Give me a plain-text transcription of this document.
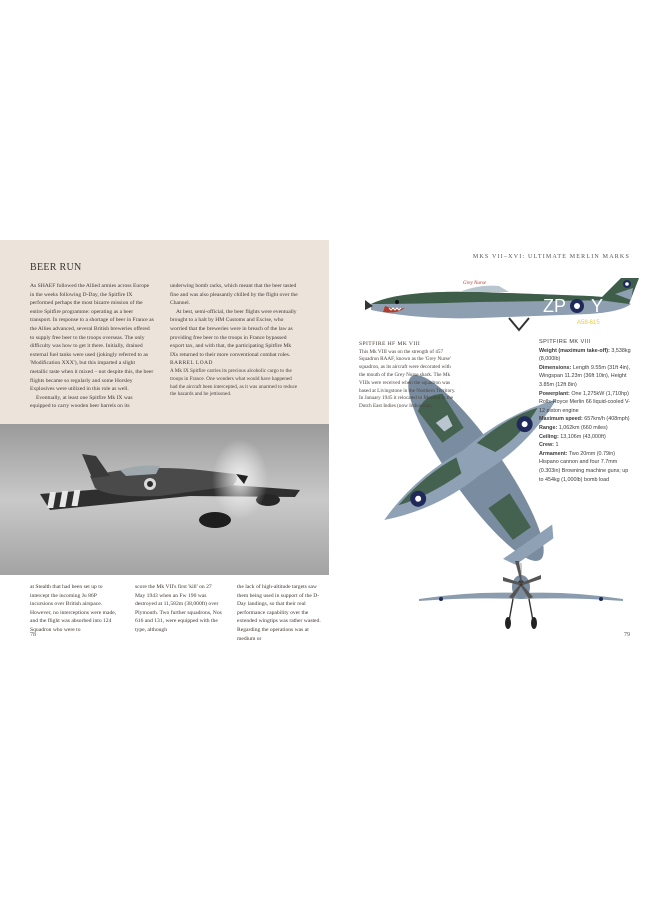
BEER RUN

As SHAEF followed the Allied armies across Europe in the weeks following D-Day, the Spitfire IX performed perhaps the most bizarre mission of the entire Spitfire programme: operating as a beer transport. In response to a shortage of beer in France as the Allies advanced, several British breweries offered to supply free beer to the troops overseas. The only difficulty was how to get it there. Initially, drained external fuel tanks were used (jokingly referred to as 'Modification XXX'), but this imparted a slight metallic taste when it mixed – not despite this, the beer flights became so regularly and some Horsley Explosives were utilized in this role as well.

Eventually, at least one Spitfire Mk IX was equipped to carry wooden beer barrels on its

underwing bomb racks, which meant that the beer tasted fine and was also pleasantly chilled by the flight over the Channel.

At best, semi-official, the beer flights were eventually brought to a halt by HM Customs and Excise, who worried that the breweries were in breach of the law as providing free beer to the troops in France bypassed export tax, and with that, the participating Spitfire Mk IXs returned to their more conventional combat roles.

BARREL LOAD

A Mk IX Spitfire carries its precious alcoholic cargo to the troops in France. One wonders what would have happened had the aircraft been intercepted, as it was unarmed to reduce the hazards and be jettisoned.

at Stealth that had been set up to intercept the incoming Ju 86P incursions over British airspace. However, no interceptions were made, and the flight was absorbed into 124 Squadron who were to
score the Mk VII's first 'kill' on 27 May 1943 when an Fw 190 was destroyed at 11,582m (38,000ft) over Plymouth. Two further squadrons, Nos 616 and 131, were equipped with the type, although
the lack of high-altitude targets saw them being used in support of the D-Day landings, so that their real performance capability over the extended wingtips was rather wasted. Regarding the operations was at medium or
78
MKS VII–XVI: ULTIMATE MERLIN MARKS
ZP Y
A58-615
Grey Nurse

SPITFIRE HF MK VIII

This Mk VIII was on the strength of 457 Squadron RAAF, known as the 'Grey Nurse' squadron, as its aircraft were decorated with the mouth of the Grey Nurse shark. The Mk VIIIs were received when the squadron was based at Livingstone in the Northern Territory. In January 1945 it relocated to Morotai in the Dutch East Indies (now Indonesia).

SPITFIRE MK VIII

Weight (maximum take-off): 3,538kg (8,000lb)

Dimensions: Length 9.55m (31ft 4in), Wingspan 11.23m (36ft 10in), Height 3.85m (12ft 8in)

Powerplant: One 1,275kW (1,710hp) Rolls-Royce Merlin 66 liquid-cooled V-12 piston engine

Maximum speed: 657km/h (408mph)

Range: 1,062km (660 miles)

Ceiling: 13,106m (43,000ft)

Crew: 1

Armament: Two 20mm (0.79in) Hispano cannon and four 7.7mm (0.303in) Browning machine guns; up to 454kg (1,000lb) bomb load

79
